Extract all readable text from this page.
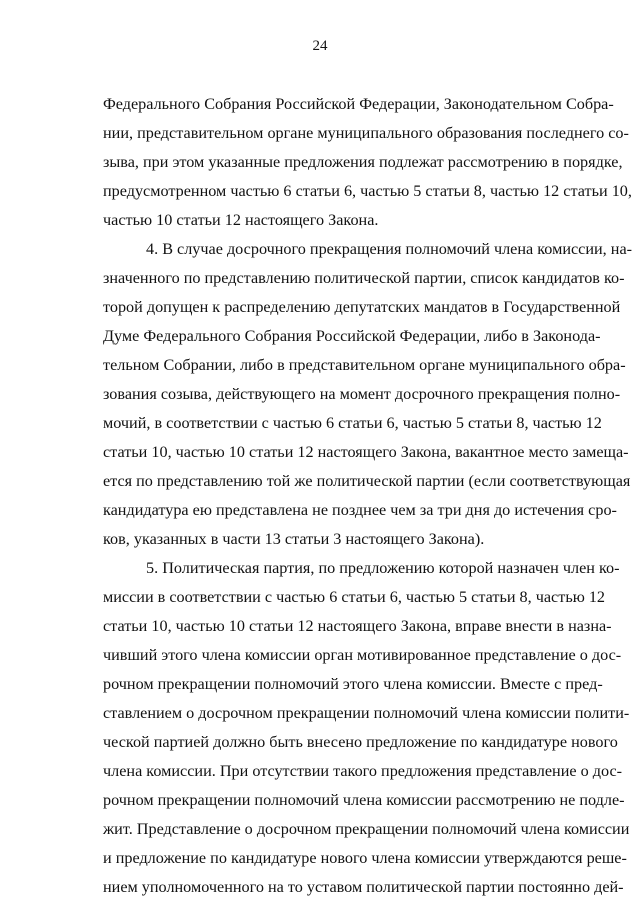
24
Федерального Собрания Российской Федерации, Законодательном Собра-
нии, представительном органе муниципального образования последнего со-
зыва, при этом указанные предложения подлежат рассмотрению в порядке,
предусмотренном частью 6 статьи 6, частью 5 статьи 8, частью 12 статьи 10,
частью 10 статьи 12 настоящего Закона.
4. В случае досрочного прекращения полномочий члена комиссии, на-
значенного по представлению политической партии, список кандидатов ко-
торой допущен к распределению депутатских мандатов в Государственной
Думе Федерального Собрания Российской Федерации, либо в Законода-
тельном Собрании, либо в представительном органе муниципального обра-
зования созыва, действующего на момент досрочного прекращения полно-
мочий, в соответствии с частью 6 статьи 6, частью 5 статьи 8, частью 12
статьи 10, частью 10 статьи 12 настоящего Закона, вакантное место замеща-
ется по представлению той же политической партии (если соответствующая
кандидатура ею представлена не позднее чем за три дня до истечения сро-
ков, указанных в части 13 статьи 3 настоящего Закона).
5. Политическая партия, по предложению которой назначен член ко-
миссии в соответствии с частью 6 статьи 6, частью 5 статьи 8, частью 12
статьи 10, частью 10 статьи 12 настоящего Закона, вправе внести в назна-
чивший этого члена комиссии орган мотивированное представление о дос-
рочном прекращении полномочий этого члена комиссии. Вместе с пред-
ставлением о досрочном прекращении полномочий члена комиссии полити-
ческой партией должно быть внесено предложение по кандидатуре нового
члена комиссии. При отсутствии такого предложения представление о дос-
рочном прекращении полномочий члена комиссии рассмотрению не подле-
жит. Представление о досрочном прекращении полномочий члена комиссии
и предложение по кандидатуре нового члена комиссии утверждаются реше-
нием уполномоченного на то уставом политической партии постоянно дей-
